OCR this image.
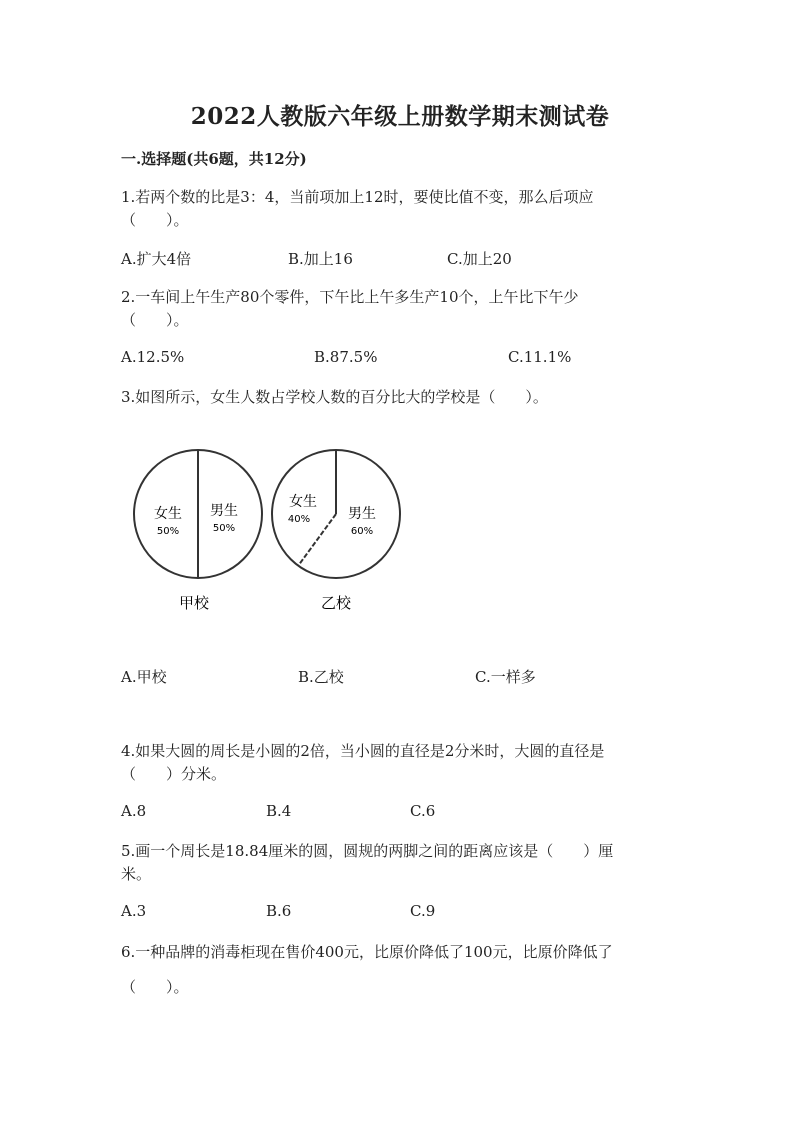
2022人教版六年级上册数学期末测试卷
一.选择题(共6题，共12分)
1.若两个数的比是3：4，当前项加上12时，要使比值不变，那么后项应
（　　）。
A.扩大4倍	B.加上16	C.加上20
2.一车间上午生产80个零件，下午比上午多生产10个，上午比下午少
（　　）。
A.12.5%	B.87.5%	C.11.1%
3.如图所示，女生人数占学校人数的百分比大的学校是（　　）。
女生
50%
男生
50%
甲校
女生
40%	男生
60%
乙校
A.甲校	B.乙校	C.一样多
4.如果大圆的周长是小圆的2倍，当小圆的直径是2分米时，大圆的直径是
（　　）分米。
A.8	B.4	C.6
5.画一个周长是18.84厘米的圆，圆规的两脚之间的距离应该是（　　）厘
米。
A.3	B.6	C.9
6.一种品牌的消毒柜现在售价400元，比原价降低了100元，比原价降低了
（　　）。
